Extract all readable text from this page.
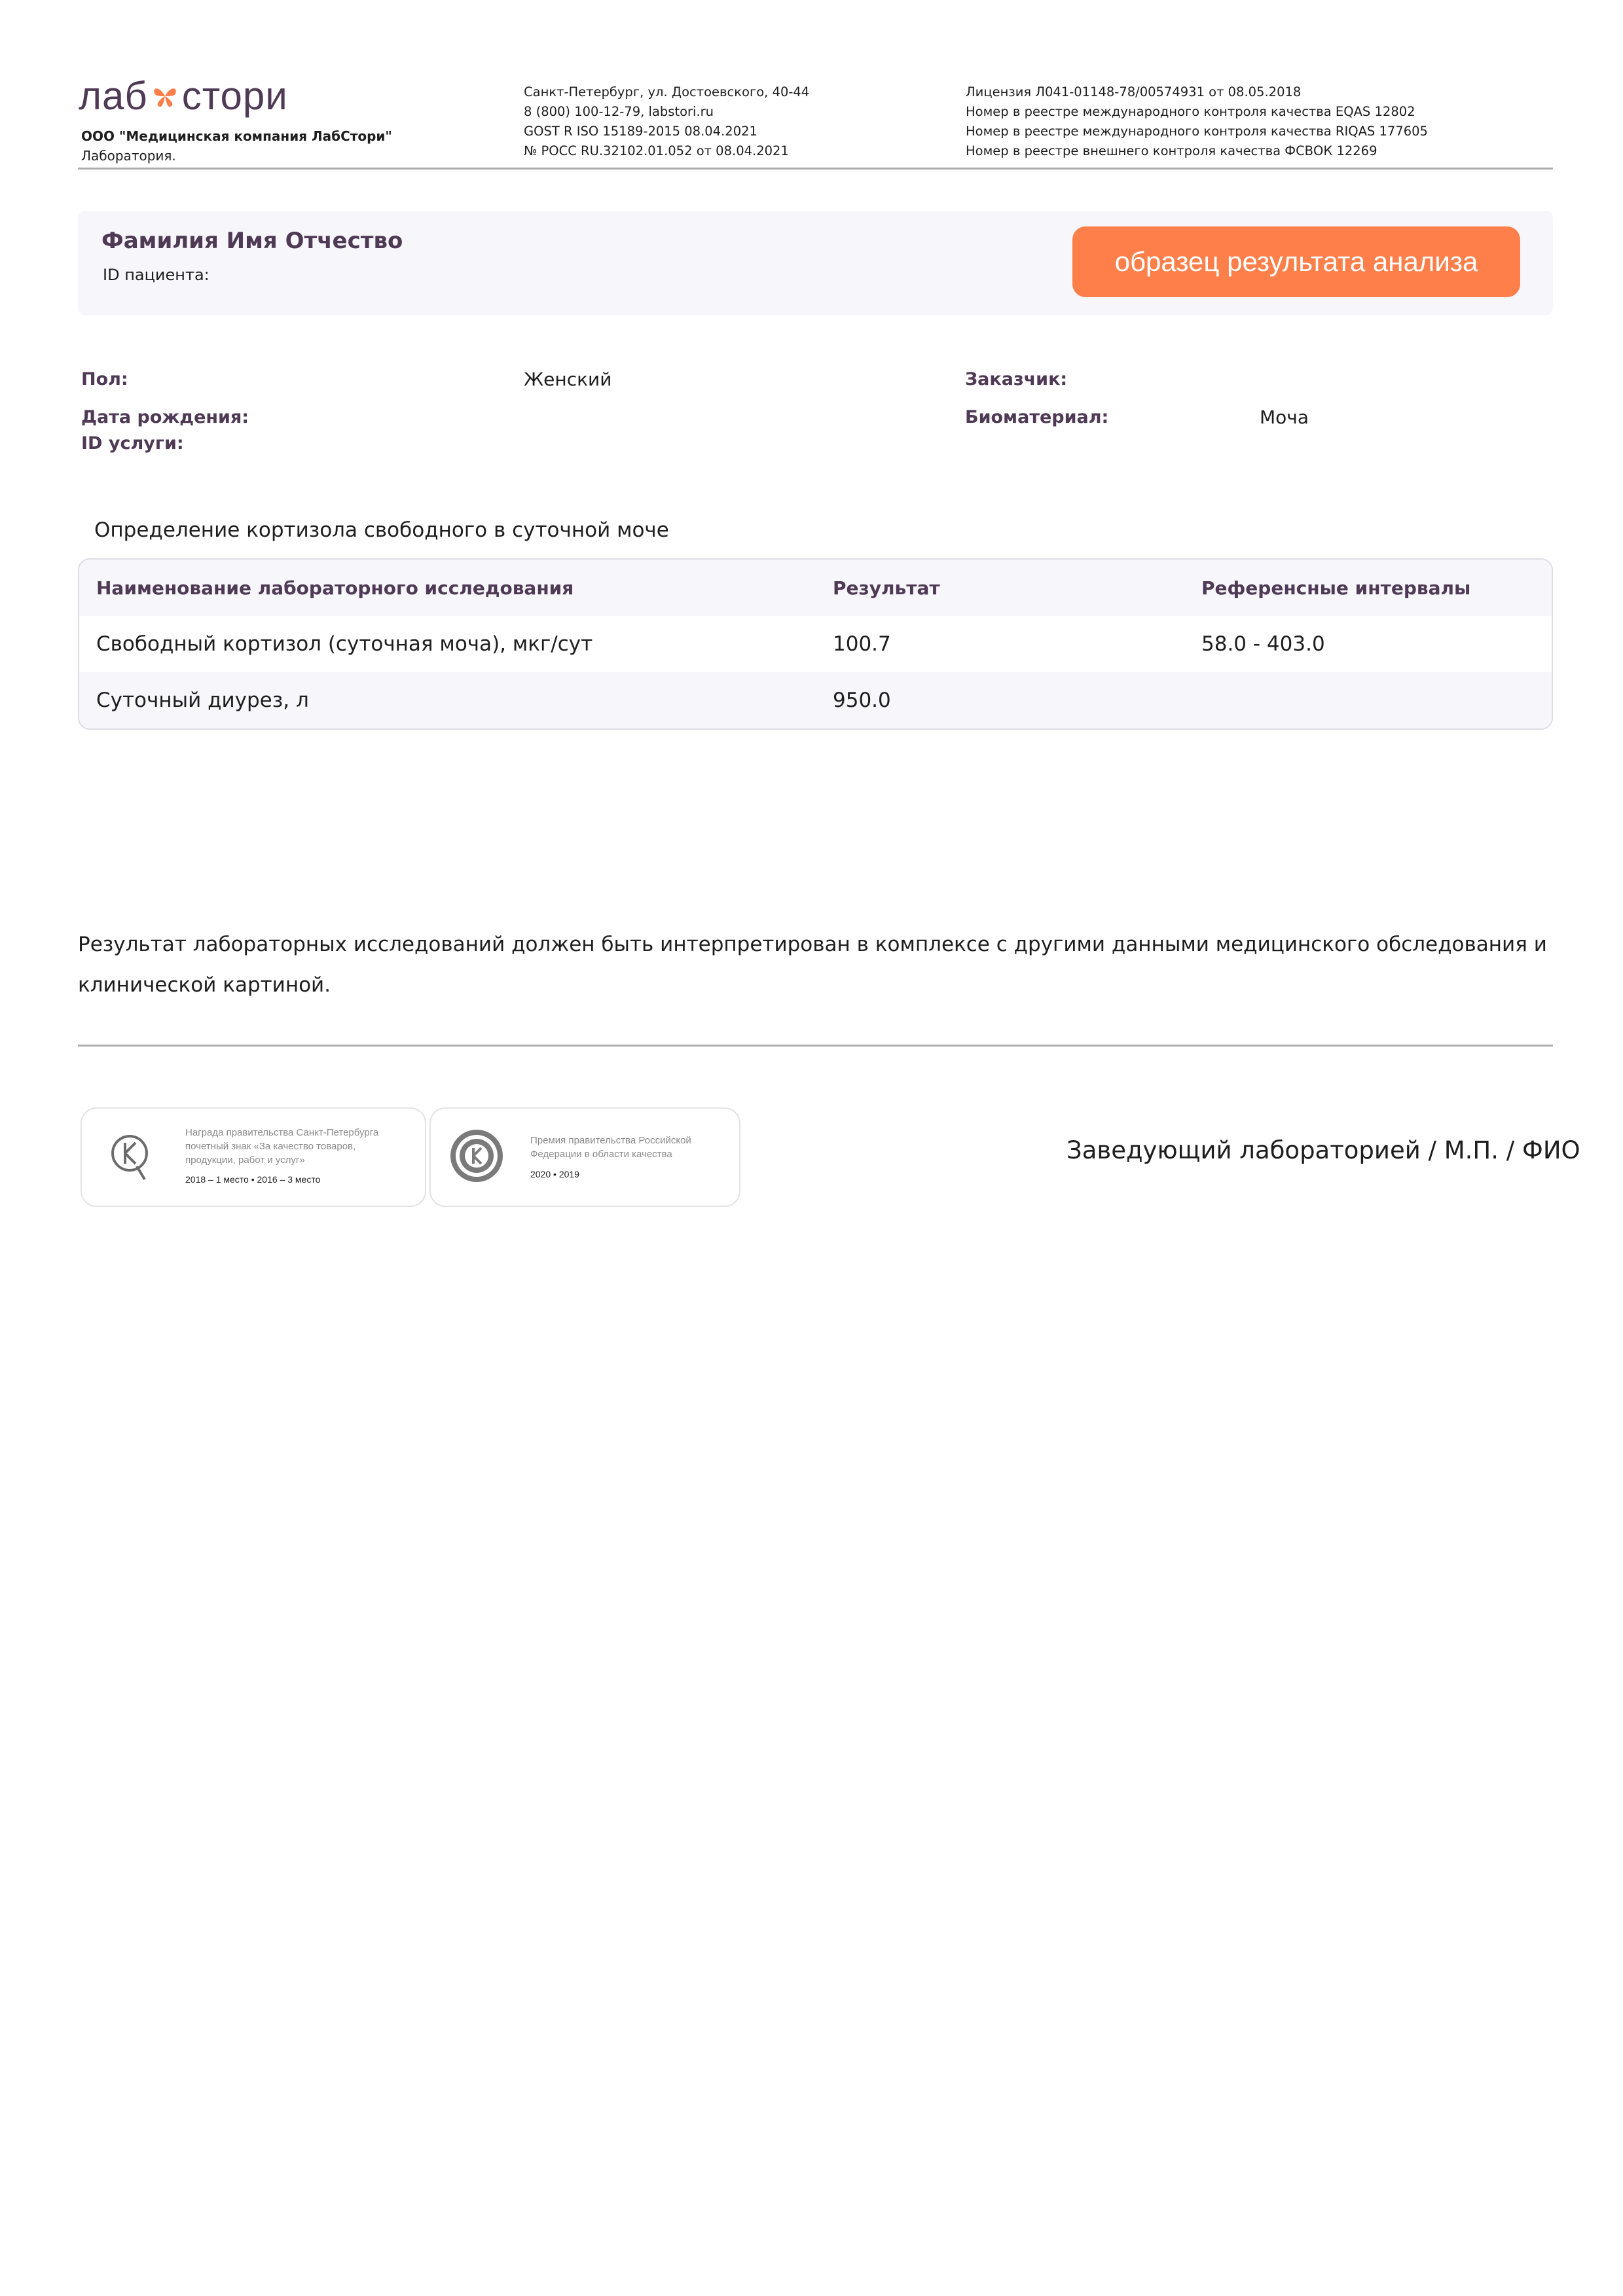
лаб стори
ООО "Медицинская компания ЛабСтори"
Лаборатория.
Санкт-Петербург, ул. Достоевского, 40-44
8 (800) 100-12-79, labstori.ru
GOST R ISO 15189-2015 08.04.2021
№ РОСС RU.32102.01.052 от 08.04.2021
Лицензия Л041-01148-78/00574931 от 08.05.2018
Номер в реестре международного контроля качества EQAS 12802
Номер в реестре международного контроля качества RIQAS 177605
Номер в реестре внешнего контроля качества ФСВОК 12269
Фамилия Имя Отчество
ID пациента:	образец результата анализа
Пол:	Женский	Заказчик:
Дата рождения:	Биоматериал:	Моча
ID услуги:
Определение кортизола свободного в суточной моче
Наименование лабораторного исследования	Результат	Референсные интервалы
Свободный кортизол (суточная моча), мкг/сут	100.7	58.0 - 403.0
Суточный диурез, л	950.0
Результат лабораторных исследований должен быть интерпретирован в комплексе с другими данными медицинского обследования и клинической картиной.
Награда правительства Санкт-Петербурга
почетный знак «За качество товаров,
продукции, работ и услуг»
2018 – 1 место • 2016 – 3 место
Премия правительства Российской
Федерации в области качества
2020 • 2019
Заведующий лабораторией / М.П. / ФИО
